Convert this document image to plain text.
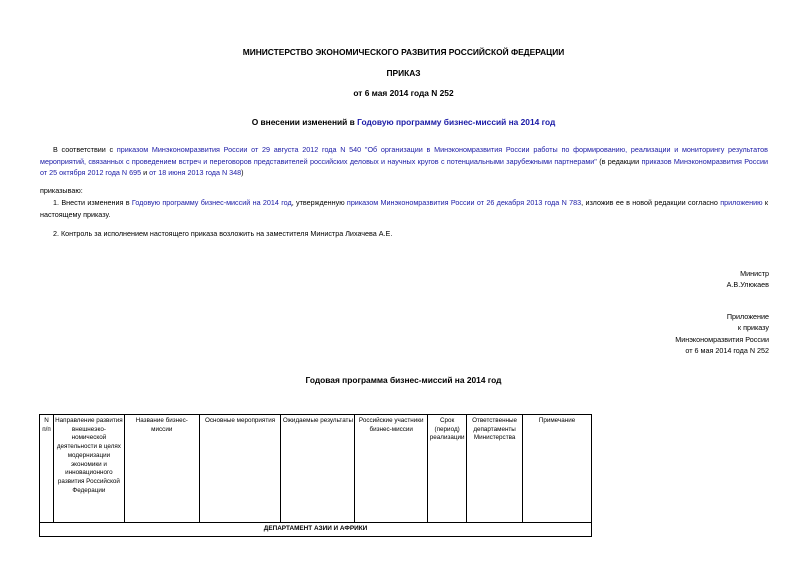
МИНИСТЕРСТВО ЭКОНОМИЧЕСКОГО РАЗВИТИЯ РОССИЙСКОЙ ФЕДЕРАЦИИ
ПРИКАЗ
от 6 мая 2014 года N 252
О внесении изменений в Годовую программу бизнес-миссий на 2014 год
В соответствии с приказом Минэкономразвития России от 29 августа 2012 года N 540 "Об организации в Минэкономразвития России работы по формированию, реализации и мониторингу результатов мероприятий, связанных с проведением встреч и переговоров представителей российских деловых и научных кругов с потенциальными зарубежными партнерами" (в редакции приказов Минэкономразвития России от 25 октября 2012 года N 695 и от 18 июня 2013 года N 348)
приказываю:
1. Внести изменения в Годовую программу бизнес-миссий на 2014 год, утвержденную приказом Минэкономразвития России от 26 декабря 2013 года N 783, изложив ее в новой редакции согласно приложению к настоящему приказу.
2. Контроль за исполнением настоящего приказа возложить на заместителя Министра Лихачева А.Е.
Министр
А.В.Улюкаев
Приложение
к приказу
Минэкономразвития России
от 6 мая 2014 года N 252
Годовая программа бизнес-миссий на 2014 год
N п/п	Направление развития внешнеэко-номической деятельности в целях модернизации экономики и инновационного развития Российской Федерации	Название бизнес-миссии	Основные мероприятия	Ожидаемые результаты	Российские участники бизнес-миссии	Срок (период) реализации	Ответственные департаменты Министерства	Примечание
ДЕПАРТАМЕНТ АЗИИ И АФРИКИ
